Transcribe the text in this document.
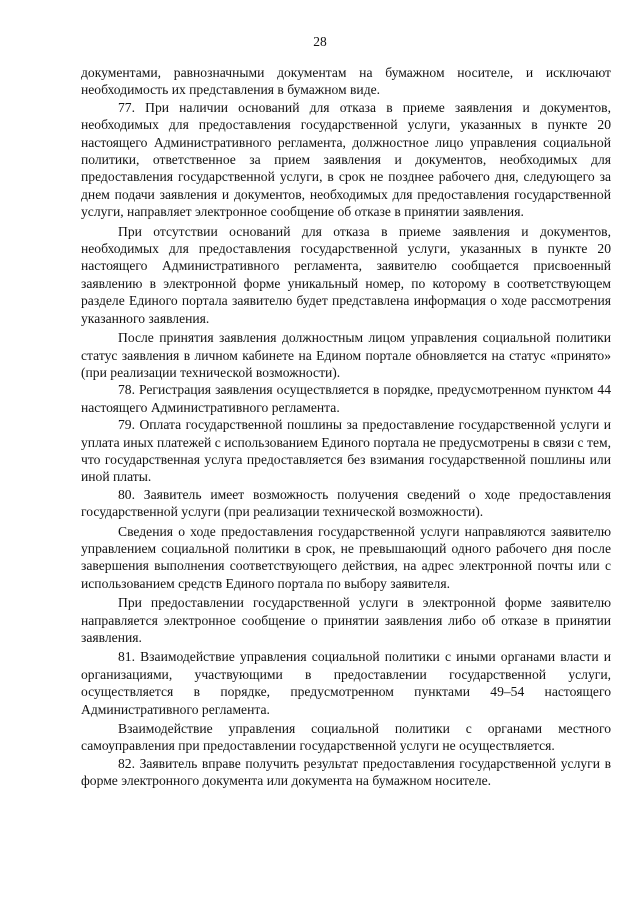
28

документами, равнозначными документам на бумажном носителе, и исключают необходимость их представления в бумажном виде.

77. При наличии оснований для отказа в приеме заявления и документов, необходимых для предоставления государственной услуги, указанных в пункте 20 настоящего Административного регламента, должностное лицо управления социальной политики, ответственное за прием заявления и документов, необходимых для предоставления государственной услуги, в срок не позднее рабочего дня, следующего за днем подачи заявления и документов, необходимых для предоставления государственной услуги, направляет электронное сообщение об отказе в принятии заявления.

При отсутствии оснований для отказа в приеме заявления и документов, необходимых для предоставления государственной услуги, указанных в пункте 20 настоящего Административного регламента, заявителю сообщается присвоенный заявлению в электронной форме уникальный номер, по которому в соответствующем разделе Единого портала заявителю будет представлена информация о ходе рассмотрения указанного заявления.

После принятия заявления должностным лицом управления социальной политики статус заявления в личном кабинете на Едином портале обновляется на статус «принято» (при реализации технической возможности).

78. Регистрация заявления осуществляется в порядке, предусмотренном пунктом 44 настоящего Административного регламента.

79. Оплата государственной пошлины за предоставление государственной услуги и уплата иных платежей с использованием Единого портала не предусмотрены в связи с тем, что государственная услуга предоставляется без взимания государственной пошлины или иной платы.

80. Заявитель имеет возможность получения сведений о ходе предоставления государственной услуги (при реализации технической возможности).

Сведения о ходе предоставления государственной услуги направляются заявителю управлением социальной политики в срок, не превышающий одного рабочего дня после завершения выполнения соответствующего действия, на адрес электронной почты или с использованием средств Единого портала по выбору заявителя.

При предоставлении государственной услуги в электронной форме заявителю направляется электронное сообщение о принятии заявления либо об отказе в принятии заявления.

81. Взаимодействие управления социальной политики с иными органами власти и организациями, участвующими в предоставлении государственной услуги, осуществляется в порядке, предусмотренном пунктами 49–54 настоящего Административного регламента.

Взаимодействие управления социальной политики с органами местного самоуправления при предоставлении государственной услуги не осуществляется.

82. Заявитель вправе получить результат предоставления государственной услуги в форме электронного документа или документа на бумажном носителе.
